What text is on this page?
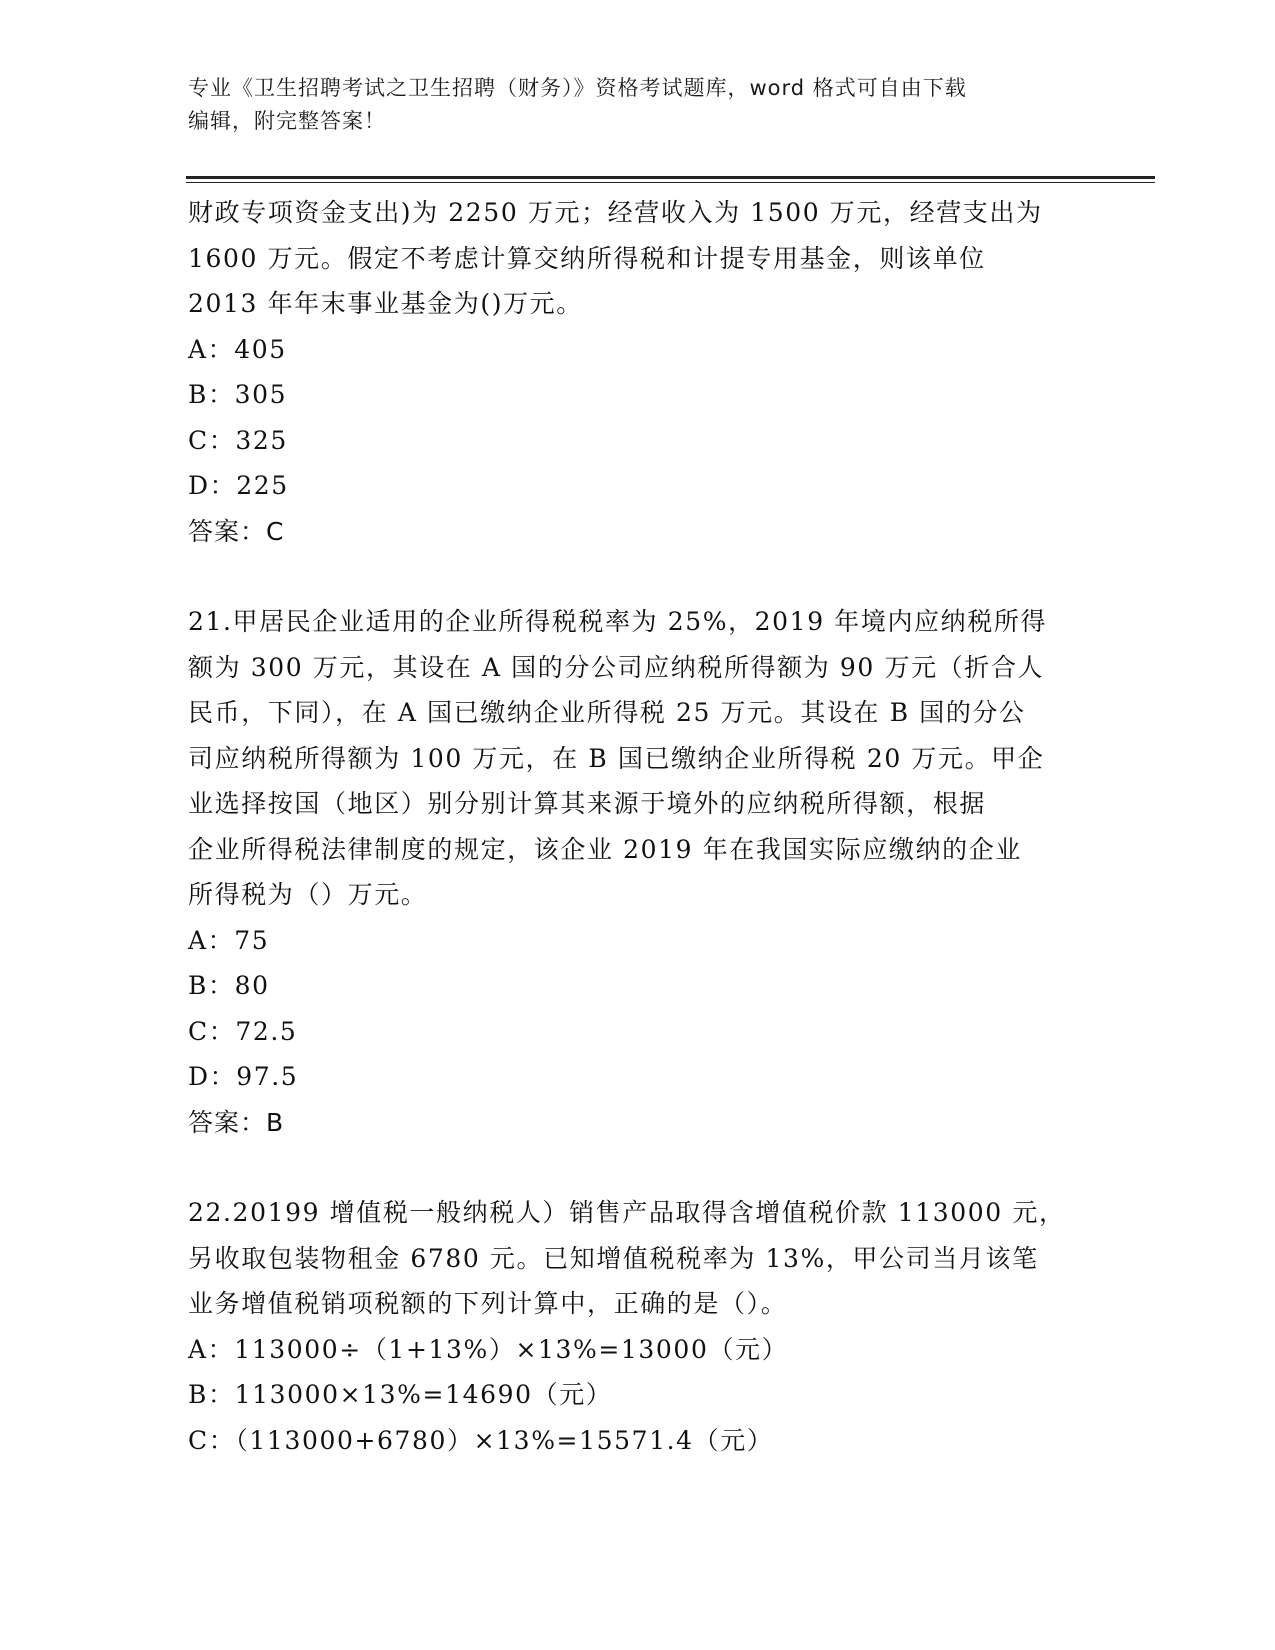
专业《卫生招聘考试之卫生招聘（财务）》资格考试题库，word 格式可自由下载
编辑，附完整答案！
财政专项资金支出)为 2250 万元；经营收入为 1500 万元，经营支出为
1600 万元。假定不考虑计算交纳所得税和计提专用基金，则该单位
2013 年年末事业基金为()万元。
A：405
B：305
C：325
D：225
答案：C
21.甲居民企业适用的企业所得税税率为 25%，2019 年境内应纳税所得
额为 300 万元，其设在 A 国的分公司应纳税所得额为 90 万元（折合人
民币，下同），在 A 国已缴纳企业所得税 25 万元。其设在 B 国的分公
司应纳税所得额为 100 万元，在 B 国已缴纳企业所得税 20 万元。甲企
业选择按国（地区）别分别计算其来源于境外的应纳税所得额，根据
企业所得税法律制度的规定，该企业 2019 年在我国实际应缴纳的企业
所得税为（）万元。
A：75
B：80
C：72.5
D：97.5
答案：B
22.20199 增值税一般纳税人）销售产品取得含增值税价款 113000 元，
另收取包装物租金 6780 元。已知增值税税率为 13%，甲公司当月该笔
业务增值税销项税额的下列计算中，正确的是（）。
A：113000÷（1+13%）×13%=13000（元）
B：113000×13%=14690（元）
C：（113000+6780）×13%=15571.4（元）
